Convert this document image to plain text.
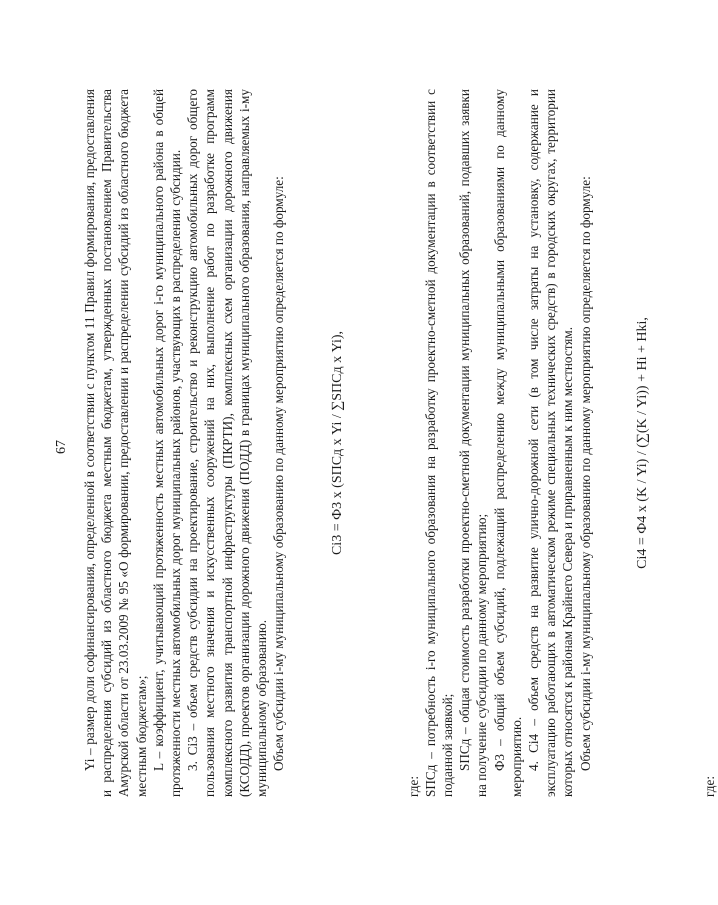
67 Yi – размер доли софинансирования, определенной в соответствии с пунктом 11 Правил формирования, предоставления и распределения субсидий из областного бюджета местным бюджетам, утвержденных постановлением Правительства Амурской области от 23.03.2009 № 95 «О формировании, предоставлении и распределении субсидий из областного бюджета местным бюджетам»; L – коэффициент, учитывающий протяженность местных автомобильных дорог i-го муниципального района в общей протяженности местных автомобильных дорог муниципальных районов, участвующих в распределении субсидии. 3. Ci3 – объем средств субсидии на проектирование, строительство и реконструкцию автомобильных дорог общего пользования местного значения и искусственных сооружений на них, выполнение работ по разработке программ комплексного развития транспортной инфраструктуры (ПКРТИ), комплексных схем организации дорожного движения (КСОДД), проектов организации дорожного движения (ПОДД) в границах муниципального образования, направляемых i-му муниципальному образованию. Объем субсидии i-му муниципальному образованию по данному мероприятию определяется по формуле:	Ci3 = Ф3 х (SПСд х Yi / ∑SПСд х Yi),

где: SПСд – потребность i-го муниципального образования на разработку проектно-сметной документации в соответствии с поданной заявкой; SПСд – общая стоимость разработки проектно-сметной документации муниципальных образований, подавших заявки на получение субсидии по данному мероприятию; Ф3 – общий объем субсидий, подлежащий распределению между муниципальными образованиями по данному мероприятию. 4. Ci4 – объем средств на развитие улично-дорожной сети (в том числе затраты на установку, содержание и эксплуатацию работающих в автоматическом режиме специальных технических средств) в городских округах, территории которых относятся к районам Крайнего Севера и приравненным к ним местностям. Объем субсидии i-му муниципальному образованию по данному мероприятию определяется по формуле:	Ci4 = Ф4 х (K / Yi) / (∑(K / Yi)) + Hi + Hki,

где:
